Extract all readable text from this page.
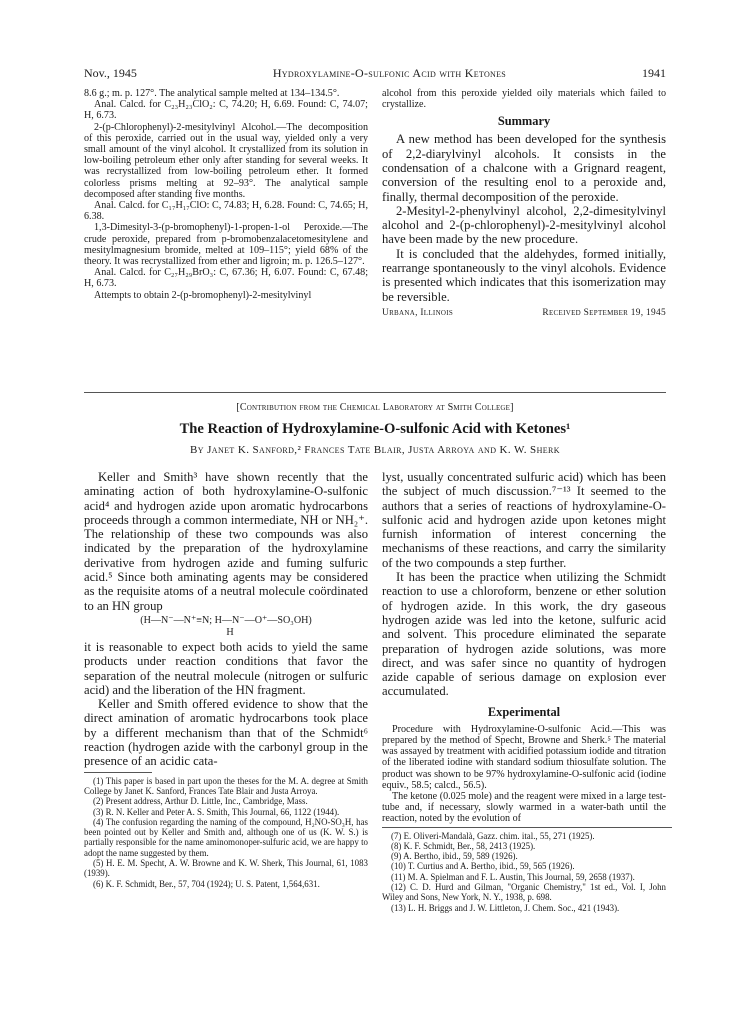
Nov., 1945	Hydroxylamine-O-sulfonic Acid with Ketones	1941

8.6 g.; m. p. 127°. The analytical sample melted at 134–134.5°.

Anal. Calcd. for C₂₃H₂₃ClO₂: C, 74.20; H, 6.69. Found: C, 74.07; H, 6.73.

2-(p-Chlorophenyl)-2-mesitylvinyl Alcohol.—The decomposition of this peroxide, carried out in the usual way, yielded only a very small amount of the vinyl alcohol. It crystallized from its solution in low-boiling petroleum ether only after standing for several weeks. It was recrystallized from low-boiling petroleum ether. It formed colorless prisms melting at 92–93°. The analytical sample decomposed after standing five months.

Anal. Calcd. for C₁₇H₁₇ClO: C, 74.83; H, 6.28. Found: C, 74.65; H, 6.38.

1,3-Dimesityl-3-(p-bromophenyl)-1-propen-1-ol Peroxide.—The crude peroxide, prepared from p-bromobenzalacetomesitylene and mesitylmagnesium bromide, melted at 109–115°; yield 68% of the theory. It was recrystallized from ether and ligroin; m. p. 126.5–127°.

Anal. Calcd. for C₂₇H₂₉BrO₃: C, 67.36; H, 6.07. Found: C, 67.48; H, 6.73.

Attempts to obtain 2-(p-bromophenyl)-2-mesitylvinyl

alcohol from this peroxide yielded oily materials which failed to crystallize.

Summary

A new method has been developed for the synthesis of 2,2-diarylvinyl alcohols. It consists in the condensation of a chalcone with a Grignard reagent, conversion of the resulting enol to a peroxide and, finally, thermal decomposition of the peroxide.

2-Mesityl-2-phenylvinyl alcohol, 2,2-dimesitylvinyl alcohol and 2-(p-chlorophenyl)-2-mesitylvinyl alcohol have been made by the new procedure.

It is concluded that the aldehydes, formed initially, rearrange spontaneously to the vinyl alcohols. Evidence is presented which indicates that this isomerization may be reversible.

Urbana, Illinois	Received September 19, 1945
[Contribution from the Chemical Laboratory at Smith College]
The Reaction of Hydroxylamine-O-sulfonic Acid with Ketones¹
By Janet K. Sanford,² Frances Tate Blair, Justa Arroya and K. W. Sherk

Keller and Smith³ have shown recently that the aminating action of both hydroxylamine-O-sulfonic acid⁴ and hydrogen azide upon aromatic hydrocarbons proceeds through a common intermediate, NH or NH₂⁺. The relationship of these two compounds was also indicated by the preparation of the hydroxylamine derivative from hydrogen azide and fuming sulfuric acid.⁵ Since both aminating agents may be considered as the requisite atoms of a neutral molecule coördinated to an HN group

(H—N⁻—N⁺≡N; H—N⁻—O⁺—SO₃OH)
H

it is reasonable to expect both acids to yield the same products under reaction conditions that favor the separation of the neutral molecule (nitrogen or sulfuric acid) and the liberation of the HN fragment.

Keller and Smith offered evidence to show that the direct amination of aromatic hydrocarbons took place by a different mechanism than that of the Schmidt⁶ reaction (hydrogen azide with the carbonyl group in the presence of an acidic cata-

(1) This paper is based in part upon the theses for the M. A. degree at Smith College by Janet K. Sanford, Frances Tate Blair and Justa Arroya.

(2) Present address, Arthur D. Little, Inc., Cambridge, Mass.

(3) R. N. Keller and Peter A. S. Smith, This Journal, 66, 1122 (1944).

(4) The confusion regarding the naming of the compound, H₂NO-SO₃H, has been pointed out by Keller and Smith and, although one of us (K. W. S.) is partially responsible for the name aminomonoper-sulfuric acid, we are happy to adopt the name suggested by them.

(5) H. E. M. Specht, A. W. Browne and K. W. Sherk, This Journal, 61, 1083 (1939).

(6) K. F. Schmidt, Ber., 57, 704 (1924); U. S. Patent, 1,564,631.

lyst, usually concentrated sulfuric acid) which has been the subject of much discussion.⁷⁻¹³ It seemed to the authors that a series of reactions of hydroxylamine-O-sulfonic acid and hydrogen azide upon ketones might furnish information of interest concerning the mechanisms of these reactions, and carry the similarity of the two compounds a step further.

It has been the practice when utilizing the Schmidt reaction to use a chloroform, benzene or ether solution of hydrogen azide. In this work, the dry gaseous hydrogen azide was led into the ketone, sulfuric acid and solvent. This procedure eliminated the separate preparation of hydrogen azide solutions, was more direct, and was safer since no quantity of hydrogen azide capable of serious damage on explosion ever accumulated.

Experimental

Procedure with Hydroxylamine-O-sulfonic Acid.—This was prepared by the method of Specht, Browne and Sherk.⁵ The material was assayed by treatment with acidified potassium iodide and titration of the liberated iodine with standard sodium thiosulfate solution. The product was shown to be 97% hydroxylamine-O-sulfonic acid (iodine equiv., 58.5; calcd., 56.5).

The ketone (0.025 mole) and the reagent were mixed in a large test-tube and, if necessary, slowly warmed in a water-bath until the reaction, noted by the evolution of

(7) E. Oliveri-Mandalà, Gazz. chim. ital., 55, 271 (1925).

(8) K. F. Schmidt, Ber., 58, 2413 (1925).

(9) A. Bertho, ibid., 59, 589 (1926).

(10) T. Curtius and A. Bertho, ibid., 59, 565 (1926).

(11) M. A. Spielman and F. L. Austin, This Journal, 59, 2658 (1937).

(12) C. D. Hurd and Gilman, "Organic Chemistry," 1st ed., Vol. I, John Wiley and Sons, New York, N. Y., 1938, p. 698.

(13) L. H. Briggs and J. W. Littleton, J. Chem. Soc., 421 (1943).
